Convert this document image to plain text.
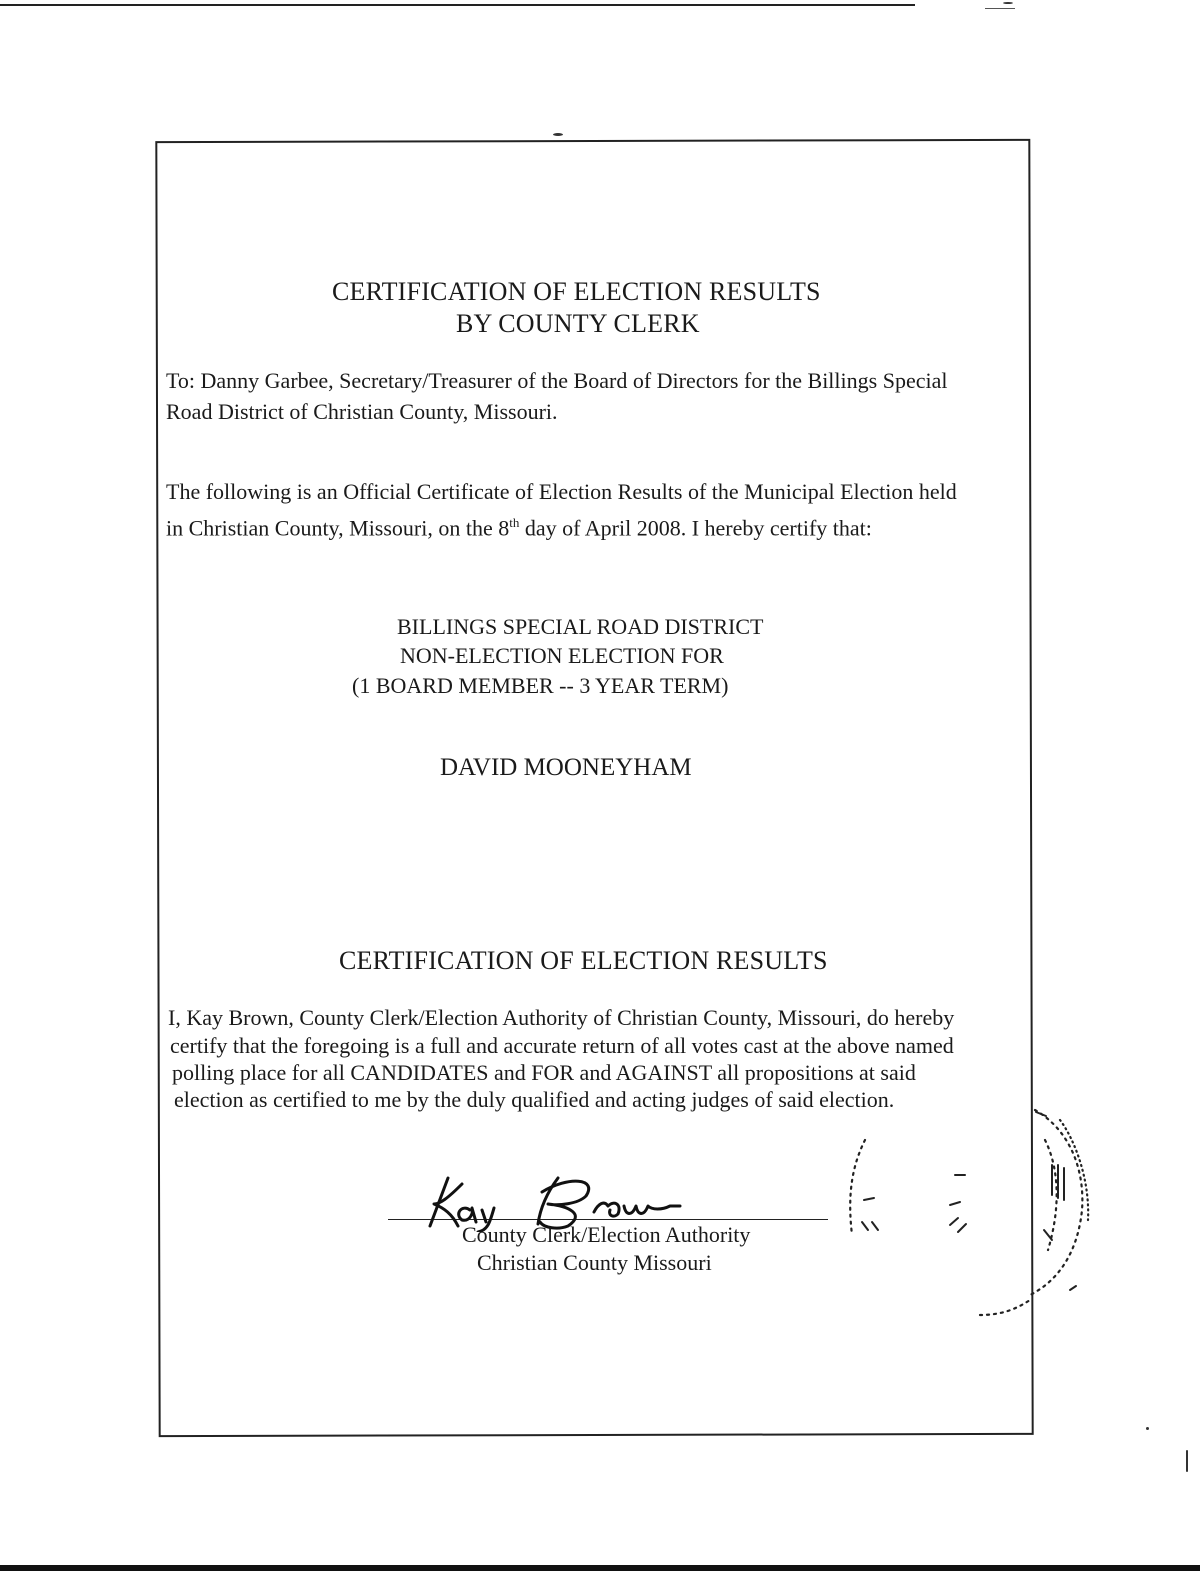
CERTIFICATION OF ELECTION RESULTS
BY COUNTY CLERK
To: Danny Garbee, Secretary/Treasurer of the Board of Directors for the Billings Special
Road District of Christian County, Missouri.
The following is an Official Certificate of Election Results of the Municipal Election held
in Christian County, Missouri, on the 8th day of April 2008. I hereby certify that:
BILLINGS SPECIAL ROAD DISTRICT
NON-ELECTION ELECTION FOR
(1 BOARD MEMBER -- 3 YEAR TERM)
DAVID MOONEYHAM
CERTIFICATION OF ELECTION RESULTS
I, Kay Brown, County Clerk/Election Authority of Christian County, Missouri, do hereby
certify that the foregoing is a full and accurate return of all votes cast at the above named
polling place for all CANDIDATES and FOR and AGAINST all propositions at said
election as certified to me by the duly qualified and acting judges of said election.
County Clerk/Election Authority
Christian County Missouri
